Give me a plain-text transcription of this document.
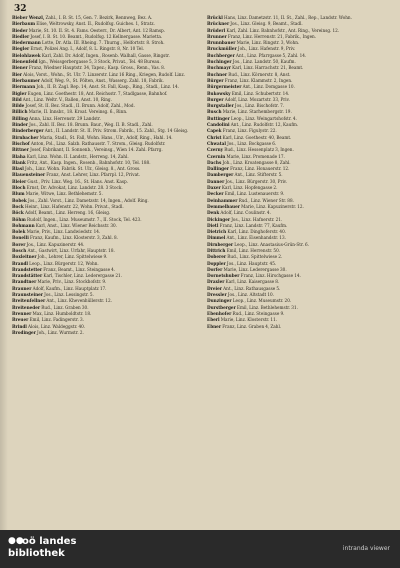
32
Bieber Wenzl, Zahl., I. B. St. 15, Gen. 7. Bezirk, Rennweg, Bez. A.
Bierbaum Elise, Weltrowsky, Anst. II., Rudolfsg. Guiches. 1, Stratz.
Bieder Marie, St. 10. II. St. 4. Fams. Oesterr., Dr. Albert, Ant. 12 Ramsp.
Biedler Josef, I. B. St. 10. Beamt., Rudolfsg. 12 Kellnergasse. Marietta.
Biedermann Lotte, Dr. Atla. III. Rheing. 7. Thurng., Helfortstr. 8. Stroh.
Biegler Ernst, Polizei Ang. I., Adolf, 8. L. Ringstr. 8, Nr. 10 Tel.
Bielohlawek Karl, Zahl. Dr. Adolf, Ingen., Rosenb. Walhall, Gasse, Ringstr.
Bienenfeld Ign., Weissgerbergasse 5, 3 Stock, Privat., Tel. 48 Bureau.
Biener Franz, Wiedner Hauptstr. 34, Tapez.; Kasp. Gross., Renn., Vas. 8.
Bier Alois, Vorst., Wohn., St. Ulr. 7. Linzerstr. Linz 16 Ring., Kriegen, Rudolf. Linz.
Bierbaumer Adolf, Weg. 9., St. Pölten, Anst., Wasserg. Zahl. 18, Fabrik.
Biermann Joh., II. B. Zagl. Rep. 14, Anst. St. Fall, Kasp., Ring., Stadl., Linz. 14.
Bigler Eugen, Linz. Goethestr. 18, Ant. Reichsstr. 7, Stadlgasse, Bahnhof.
Bild Ant., Linz. Weltr. V., Ballen, Anst. 10, Ring.
Bilde Josef, St. II. Bez. Stadl., II. Brunn. Adolf, Zahl., Mod.
Billich Marie, II. Innsbr., 18. Kroat. Vereinsg. 6., Rinn.
Billing Anna, Linz. Herrenstr. 29 Landstr.
Binder Jos., Zahl. II. Bez. 18. Brunn. Baur., Weg. II. B. Stadl., Zahl.
Binderberger Ant., II. Landstr. St. II. Priv. Strom. Fabrik., 15. Zahl., Stg. 14 Gleisg.
Birnbacher Maria, Stadl., St. Fall, Wohn. Hans., Ulr., Adolf, Ring., Hahl. 14.
Bischof Anton, Pol., Linz. Salzb. Rathausstr. 7. Strom., Gleisg. Rudolfstr.
Bittner Josef, Fabrikant, II. Sonnenb., Vereinsg., Wien 14. Zahl. Pfarrg.
Blaha Karl, Linz. Wohn. II. Landstr., Herreng. 14, Zahl.
Blank Fritz, Ant., Kasp. Ingen., Rosenb., Bahnhofstr. 10, Tel. 188.
Blasl Joh., Linz. Wohn. Fabrik. St. Ulr., Gleisg. 8., Ant. Gross.
Blauensteiner Franz, Anst. Lehrer, Linz. Pfarrpl. 12, Privat.
Bleier Gust., Priv. Linz. Weg. 16., St. Hans. Anst. Kasp.
Bloch Ernst, Dr. Advokat, Linz. Landstr. 28. 3 Stock.
Blum Marie, Witwe, Linz. Bethlehemstr. 5.
Bobek Jos., Zahl. Vorst., Linz. Dametzstr. 14, Ingen., Adolf. Ring.
Bock Heinr., Linz. Hafenstr. 22, Wohn. Privat., Stadl.
Böck Adolf, Beamt., Linz. Herreng. 16, Gleisg.
Böhm Rudolf, Ingen., Linz. Museumstr. 7., II. Stock, Tel. 423.
Bohmann Karl, Anst., Linz. Wiener Reichsstr. 30.
Bolek Marie, Priv., Linz. Landwiedstr. 14.
Bonelli Franz, Kaufm., Linz. Klosterstr. 3, Zahl. 8.
Borer Jos., Linz. Kapuzinerstr. 44.
Bosch Ant., Gastwirt, Linz. Urfahr, Hauptstr. 18.
Boxleitner Joh., Lehrer, Linz. Spittelwiese 9.
Brandl Leop., Linz. Bürgerstr. 12, Wohn.
Brandstetter Franz, Beamt., Linz. Steingasse 4.
Brandstätter Karl, Tischler, Linz. Lederergasse 21.
Brandtner Marie, Priv., Linz. Stockhofstr. 9.
Brauner Adolf, Kaufm., Linz. Hauptplatz 17.
Braunsteiner Jos., Linz. Lessingstr. 5.
Breitenfellner Ant., Linz. Khevenhüllerstr. 12.
Breiteneder Rud., Linz. Graben 30.
Brenner Max, Linz. Humboldtstr. 18.
Breuer Emil, Linz. Fadingerstr. 3.
Brindl Alois, Linz. Waldeggstr. 40.
Brodinger Joh., Linz. Wurmstr. 2.
Brückl Hans, Linz. Dametzstr. 11, II. St., Zahl., Rep., Landstr. Wohn.
Brückner Jos., Linz. Gleisg. 9, Beamt., Stadl.
Brüderl Karl, Zahl. Linz. Bahnhofstr., Ant. Ring., Vereinsg. 12.
Brunner Franz, Linz. Herrenstr. 21, Fabrik., Ingen.
Brunnbauer Marie, Linz. Ringstr. 3, Wohn.
Bruckmüller Joh., Linz. Hafenstr. 9, Priv.
Buchberger Ant., Linz. Pfarrgasse 5, Zahl. 14.
Buchinger Jos., Linz. Landstr. 50, Kaufm.
Buchmayr Karl, Linz. Harrachstr. 21, Beamt.
Buchner Rud., Linz. Körnerstr. 8, Anst.
Bürger Franz, Linz. Klammstr. 2, Ingen.
Bürgermeister Ant., Linz. Domgasse 10.
Bukowsky Emil, Linz. Schubertstr. 14.
Burger Adolf, Linz. Mozartstr. 33, Priv.
Burgstaller Jos., Linz. Bischofstr. 7.
Busch Marie, Linz. Starhembergstr. 19.
Buttinger Leop., Linz. Weingartshofstr. 4.
Candolini Ant., Linz. Rudolfstr. 12, Kaufm.
Capek Franz, Linz. Figulystr. 22.
Christ Karl, Linz. Goethestr. 40, Beamt.
Chwatal Jos., Linz. Bockgasse 6.
Czerny Rud., Linz. Hessenplatz 3, Ingen.
Czernin Marie, Linz. Promenade 17.
Dachs Joh., Linz. Kroatengasse 8, Zahl.
Dallinger Franz, Linz. Honauerstr. 12.
Damberger Ant., Linz. Stifterstr. 5.
Danner Jos., Linz. Bürgerstr. 30, Priv.
Daxer Karl, Linz. Hopfengasse 2.
Decker Emil, Linz. Lustenauerstr. 9.
Deinhammer Rud., Linz. Wiener Str. 88.
Demmelbauer Marie, Linz. Kapuzinerstr. 12.
Denk Adolf, Linz. Coulinstr. 4.
Dickinger Jos., Linz. Hafnerstr. 21.
Dietl Franz, Linz. Landstr. 77, Kaufm.
Dietrich Karl, Linz. Dinghoferstr. 40.
Dimmel Ant., Linz. Eisenhandstr. 13.
Dirnberger Leop., Linz. Anastasius-Grün-Str. 6.
Dittrich Emil, Linz. Herrenstr. 50.
Doberer Rud., Linz. Spittelwiese 2.
Doppler Jos., Linz. Hauptstr. 45.
Dorfer Marie, Linz. Lederergasse 30.
Dornetshuber Franz, Linz. Hirschgasse 14.
Draxler Karl, Linz. Kaisergasse 8.
Dreier Ant., Linz. Rathausgasse 5.
Dressler Jos., Linz. Altstadt 10.
Dunzinger Leop., Linz. Museumstr. 20.
Durstberger Emil, Linz. Bethlehemstr. 31.
Ebenhofer Rud., Linz. Steingasse 9.
Eberl Marie, Linz. Klosterstr. 11.
Ebner Franz, Linz. Graben 4, Zahl.
●●
oö landes
bibliothek	intranda viewer
